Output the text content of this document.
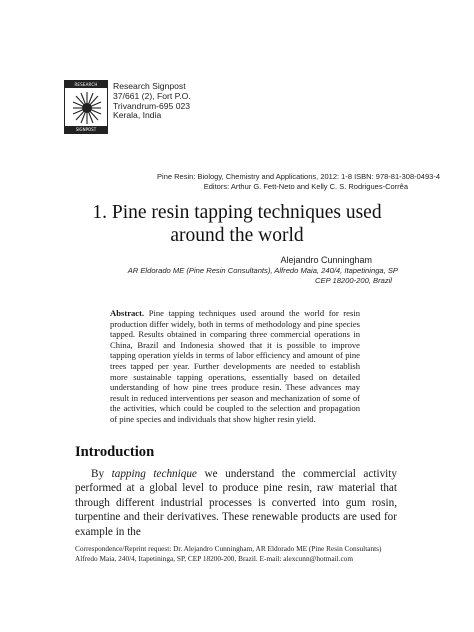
RESEARCH
SIGNPOST
Research Signpost
37/661 (2), Fort P.O.
Trivandrum-695 023
Kerala, India
Pine Resin: Biology, Chemistry and Applications, 2012: 1-8 ISBN: 978-81-308-0493-4
Editors: Arthur G. Fett-Neto and Kelly C. S. Rodrigues-Corrêa
1. Pine resin tapping techniques used
around the world
Alejandro Cunningham
AR Eldorado ME (Pine Resin Consultants), Alfredo Maia, 240/4, Itapetininga, SP
CEP 18200-200, Brazil
Abstract. Pine tapping techniques used around the world for resin production differ widely, both in terms of methodology and pine species tapped. Results obtained in comparing three commercial operations in China, Brazil and Indonesia showed that it is possible to improve tapping operation yields in terms of labor efficiency and amount of pine trees tapped per year. Further developments are needed to establish more sustainable tapping operations, essentially based on detailed understanding of how pine trees produce resin. These advances may result in reduced interventions per season and mechanization of some of the activities, which could be coupled to the selection and propagation of pine species and individuals that show higher resin yield.
Introduction

By tapping technique we understand the commercial activity performed at a global level to produce pine resin, raw material that through different industrial processes is converted into gum rosin, turpentine and their derivatives. These renewable products are used for example in the

Correspondence/Reprint request: Dr. Alejandro Cunningham, AR Eldorado ME (Pine Resin Consultants) Alfredo Maia, 240/4, Itapetininga, SP, CEP 18200-200, Brazil. E-mail: alexcunn@hotmail.com
